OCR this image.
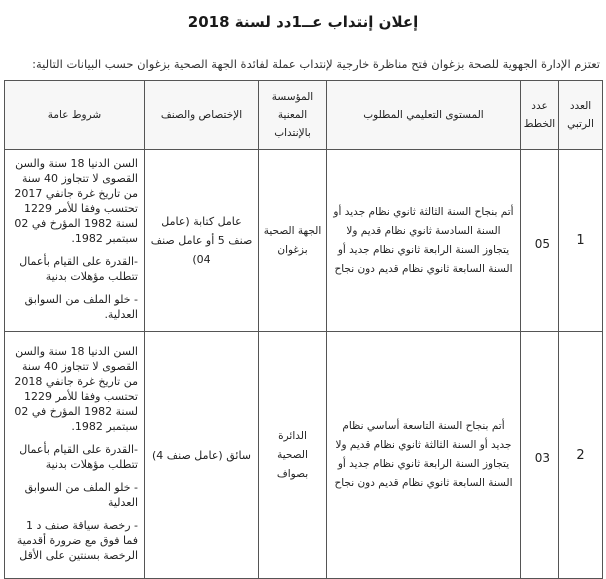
إعلان إنتداب عــ1دد لسنة 2018
تعتزم الإدارة الجهوية للصحة بزغوان فتح مناظرة خارجية لإنتداب عملة لفائدة الجهة الصحية بزغوان حسب البيانات التالية:
العدد الرتبي	عدد الخطط	المستوى التعليمي المطلوب	المؤسسة المعنية بالإنتداب	الإختصاص والصنف	شروط عامة
1	05	أتم بنجاح السنة الثالثة ثانوي نظام جديد أو السنة السادسة ثانوي نظام قديم ولا يتجاوز السنة الرابعة ثانوي نظام جديد أو السنة السابعة ثانوي نظام قديم دون نجاح	الجهة الصحية بزغوان	عامل كتابة (عامل صنف 5 أو عامل صنف 04)	السن الدنيا 18 سنة والسن القصوى لا تتجاوز 40 سنة من تاريخ غرة جانفي 2017 تحتسب وفقا للأمر 1229 لسنة 1982 المؤرخ في 02 سبتمبر 1982.

-القدرة على القيام بأعمال تتطلب مؤهلات بدنية

- خلو الملف من السوابق العدلية.

2	03	أتم بنجاح السنة التاسعة أساسي نظام جديد أو السنة الثالثة ثانوي نظام قديم ولا يتجاوز السنة الرابعة ثانوي نظام جديد أو السنة السابعة ثانوي نظام قديم دون نجاح	الدائرة الصحية بصواف	سائق (عامل صنف 4)	السن الدنيا 18 سنة والسن القصوى لا تتجاوز 40 سنة من تاريخ غرة جانفي 2018 تحتسب وفقا للأمر 1229 لسنة 1982 المؤرخ في 02 سبتمبر 1982.

-القدرة على القيام بأعمال تتطلب مؤهلات بدنية

- خلو الملف من السوابق العدلية

- رخصة سياقة صنف د 1 فما فوق مع ضرورة أقدمية الرخصة بسنتين على الأقل
